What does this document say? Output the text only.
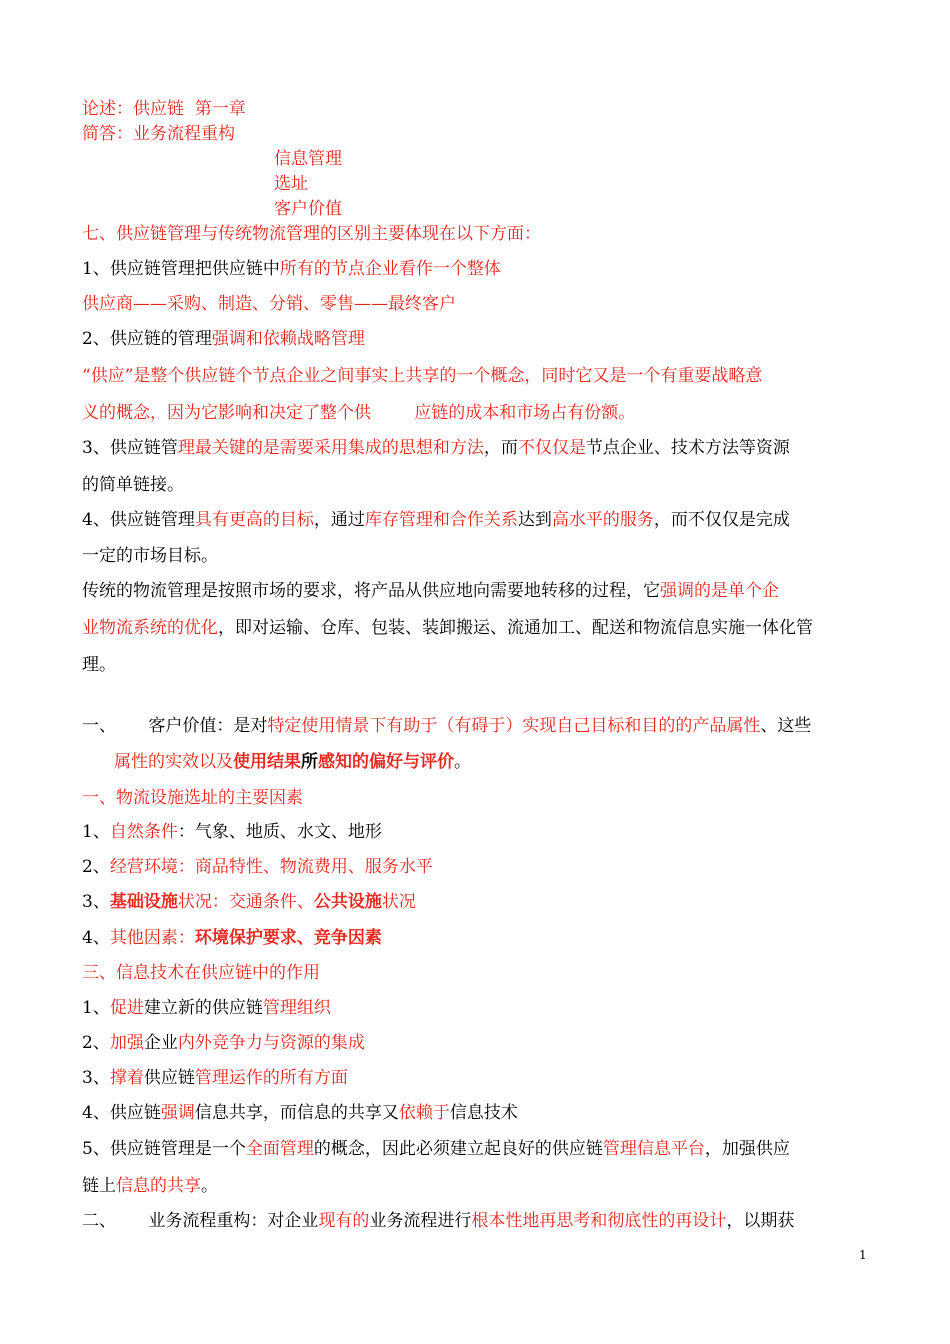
论述：供应链  第一章
简答：业务流程重构
信息管理
选址
客户价值
七、供应链管理与传统物流管理的区别主要体现在以下方面：
1、供应链管理把供应链中所有的节点企业看作一个整体
供应商——采购、制造、分销、零售——最终客户
2、供应链的管理强调和依赖战略管理
“供应”是整个供应链个节点企业之间事实上共享的一个概念，同时它又是一个有重要战略意
义的概念，因为它影响和决定了整个供	应链的成本和市场占有份额。
3、供应链管理最关键的是需要采用集成的思想和方法，而不仅仅是节点企业、技术方法等资源
的简单链接。
4、供应链管理具有更高的目标，通过库存管理和合作关系达到高水平的服务，而不仅仅是完成
一定的市场目标。
传统的物流管理是按照市场的要求，将产品从供应地向需要地转移的过程，它强调的是单个企
业物流系统的优化，即对运输、仓库、包装、装卸搬运、流通加工、配送和物流信息实施一体化管
理。
一、      客户价值：是对特定使用情景下有助于（有碍于）实现自己目标和目的的产品属性、这些
属性的实效以及使用结果所感知的偏好与评价。
一、物流设施选址的主要因素
1、自然条件：气象、地质、水文、地形
2、经营环境：商品特性、物流费用、服务水平
3、基础设施状况：交通条件、公共设施状况
4、其他因素：环境保护要求、竞争因素
三、信息技术在供应链中的作用
1、促进建立新的供应链管理组织
2、加强企业内外竞争力与资源的集成
3、撑着供应链管理运作的所有方面
4、供应链强调信息共享，而信息的共享又依赖于信息技术
5、供应链管理是一个全面管理的概念，因此必须建立起良好的供应链管理信息平台，加强供应
链上信息的共享。
二、      业务流程重构：对企业现有的业务流程进行根本性地再思考和彻底性的再设计，以期获
1
